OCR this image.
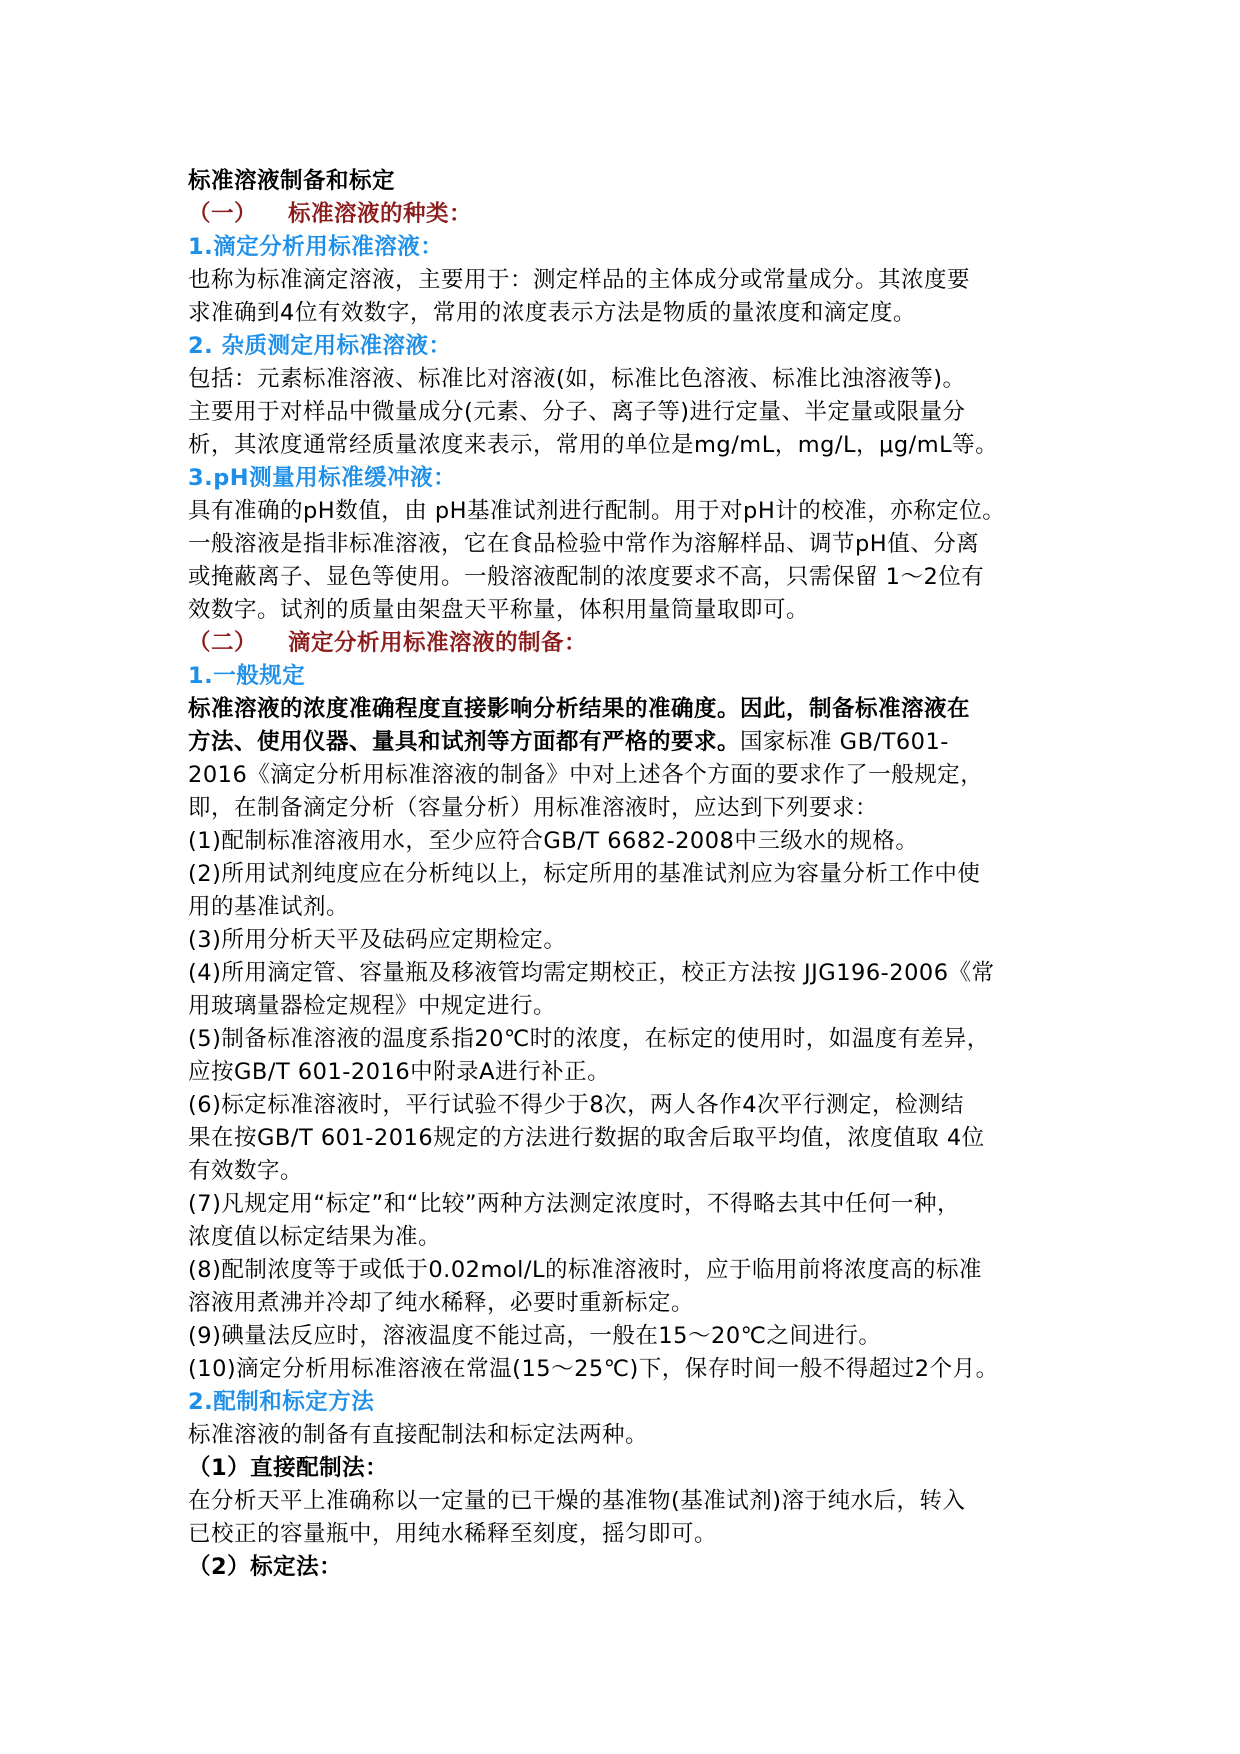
标准溶液制备和标定
（一） 标准溶液的种类：
1.滴定分析用标准溶液：
也称为标准滴定溶液，主要用于：测定样品的主体成分或常量成分。其浓度要
求准确到4位有效数字，常用的浓度表示方法是物质的量浓度和滴定度。
2. 杂质测定用标准溶液：
包括：元素标准溶液、标准比对溶液(如，标准比色溶液、标准比浊溶液等)。
主要用于对样品中微量成分(元素、分子、离子等)进行定量、半定量或限量分
析，其浓度通常经质量浓度来表示，常用的单位是mg/mL，mg/L，μg/mL等。
3.pH测量用标准缓冲液：
具有准确的pH数值，由 pH基准试剂进行配制。用于对pH计的校准，亦称定位。
一般溶液是指非标准溶液，它在食品检验中常作为溶解样品、调节pH值、分离
或掩蔽离子、显色等使用。一般溶液配制的浓度要求不高，只需保留 1～2位有
效数字。试剂的质量由架盘天平称量，体积用量筒量取即可。
（二） 滴定分析用标准溶液的制备：
1.一般规定
标准溶液的浓度准确程度直接影响分析结果的准确度。因此，制备标准溶液在
方法、使用仪器、量具和试剂等方面都有严格的要求。国家标准 GB/T601-
2016《滴定分析用标准溶液的制备》中对上述各个方面的要求作了一般规定，
即，在制备滴定分析（容量分析）用标准溶液时，应达到下列要求：
(1)配制标准溶液用水，至少应符合GB/T 6682-2008中三级水的规格。
(2)所用试剂纯度应在分析纯以上，标定所用的基准试剂应为容量分析工作中使
用的基准试剂。
(3)所用分析天平及砝码应定期检定。
(4)所用滴定管、容量瓶及移液管均需定期校正，校正方法按 JJG196-2006《常
用玻璃量器检定规程》中规定进行。
(5)制备标准溶液的温度系指20℃时的浓度，在标定的使用时，如温度有差异，
应按GB/T 601-2016中附录A进行补正。
(6)标定标准溶液时，平行试验不得少于8次，两人各作4次平行测定，检测结
果在按GB/T 601-2016规定的方法进行数据的取舍后取平均值，浓度值取 4位
有效数字。
(7)凡规定用“标定”和“比较”两种方法测定浓度时，不得略去其中任何一种，
浓度值以标定结果为准。
(8)配制浓度等于或低于0.02mol/L的标准溶液时，应于临用前将浓度高的标准
溶液用煮沸并冷却了纯水稀释，必要时重新标定。
(9)碘量法反应时，溶液温度不能过高，一般在15～20℃之间进行。
(10)滴定分析用标准溶液在常温(15～25℃)下，保存时间一般不得超过2个月。
2.配制和标定方法
标准溶液的制备有直接配制法和标定法两种。
（1）直接配制法：
在分析天平上准确称以一定量的已干燥的基准物(基准试剂)溶于纯水后，转入
已校正的容量瓶中，用纯水稀释至刻度，摇匀即可。
（2）标定法：
